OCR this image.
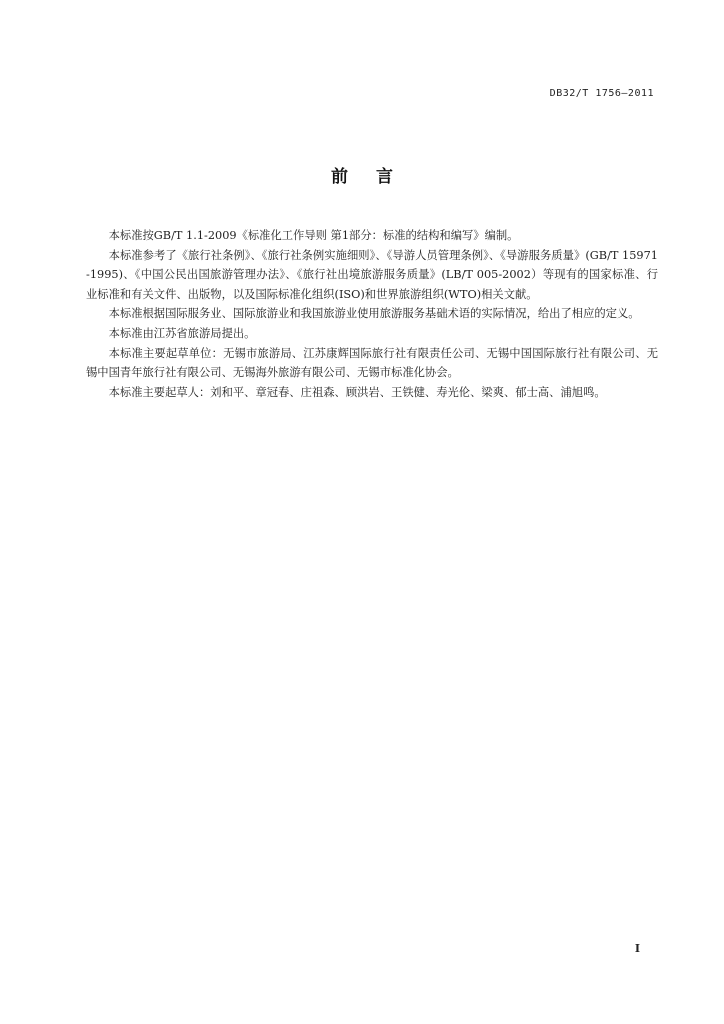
DB32/T 1756—2011
前言

本标准按GB/T 1.1-2009《标准化工作导则 第1部分：标准的结构和编写》编制。

本标准参考了《旅行社条例》、《旅行社条例实施细则》、《导游人员管理条例》、《导游服务质量》(GB/T 15971-1995)、《中国公民出国旅游管理办法》、《旅行社出境旅游服务质量》(LB/T 005-2002）等现有的国家标准、行业标准和有关文件、出版物，以及国际标准化组织(ISO)和世界旅游组织(WTO)相关文献。

本标准根据国际服务业、国际旅游业和我国旅游业使用旅游服务基础术语的实际情况，给出了相应的定义。

本标准由江苏省旅游局提出。

本标准主要起草单位：无锡市旅游局、江苏康辉国际旅行社有限责任公司、无锡中国国际旅行社有限公司、无锡中国青年旅行社有限公司、无锡海外旅游有限公司、无锡市标准化协会。

本标准主要起草人：刘和平、章冠春、庄祖森、顾洪岩、王铁健、寿光伦、梁爽、郁士高、浦旭鸣。

I
